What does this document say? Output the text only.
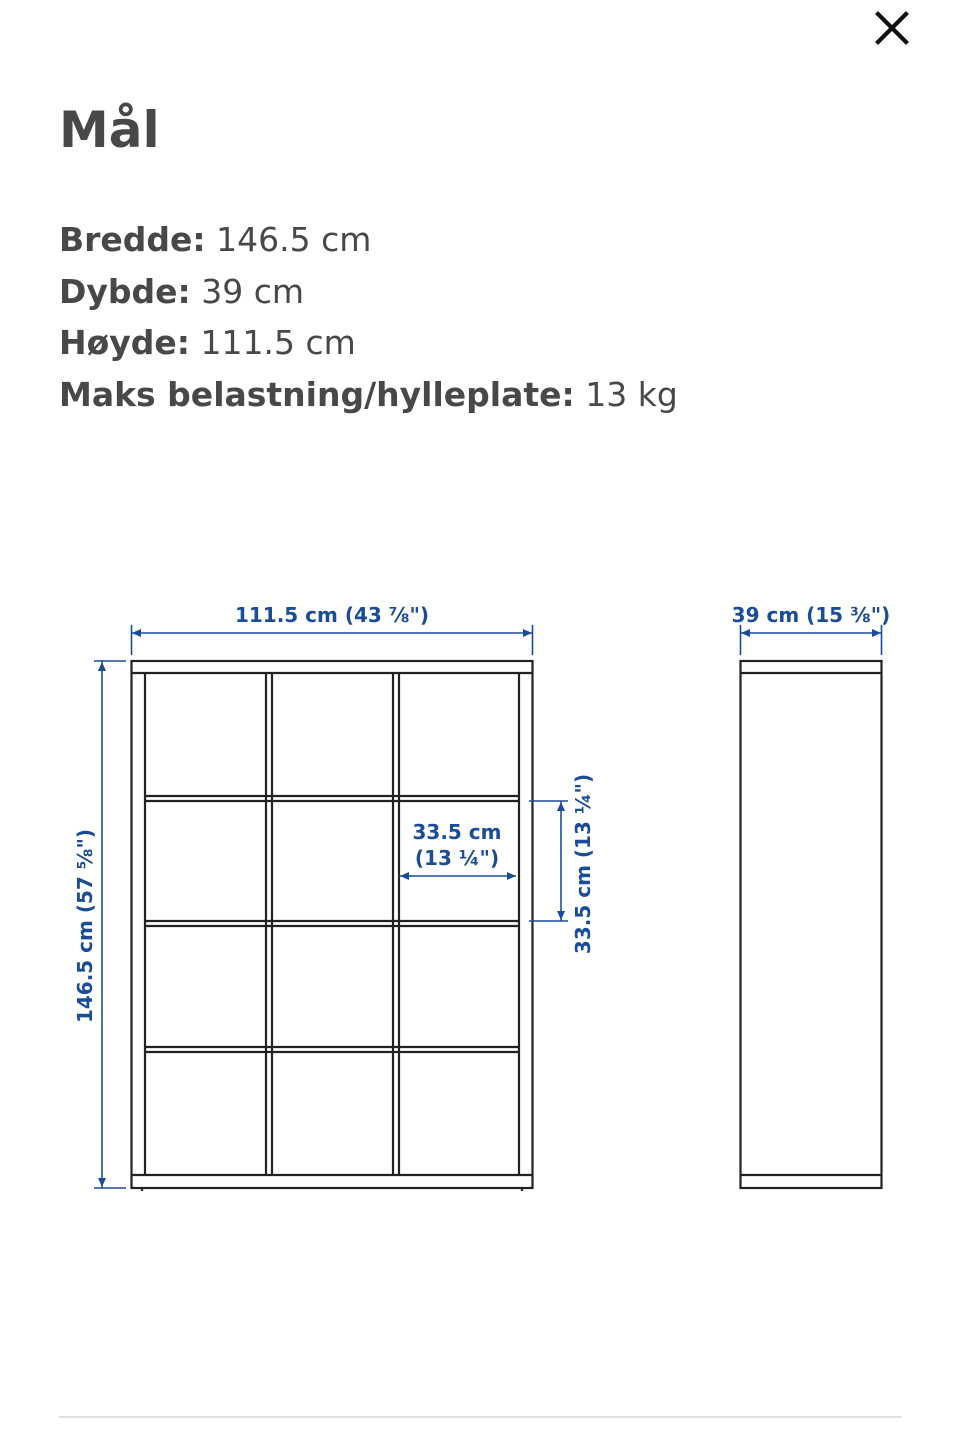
Mål
Bredde: 146.5 cm
Dybde: 39 cm
Høyde: 111.5 cm
Maks belastning/hylleplate: 13 kg
111.5 cm (43 ⅞")	39 cm (15 ⅜")
146.5 cm (57 ⅝")	33.5 cm
(13 ¼")	33.5 cm (13 ¼")
